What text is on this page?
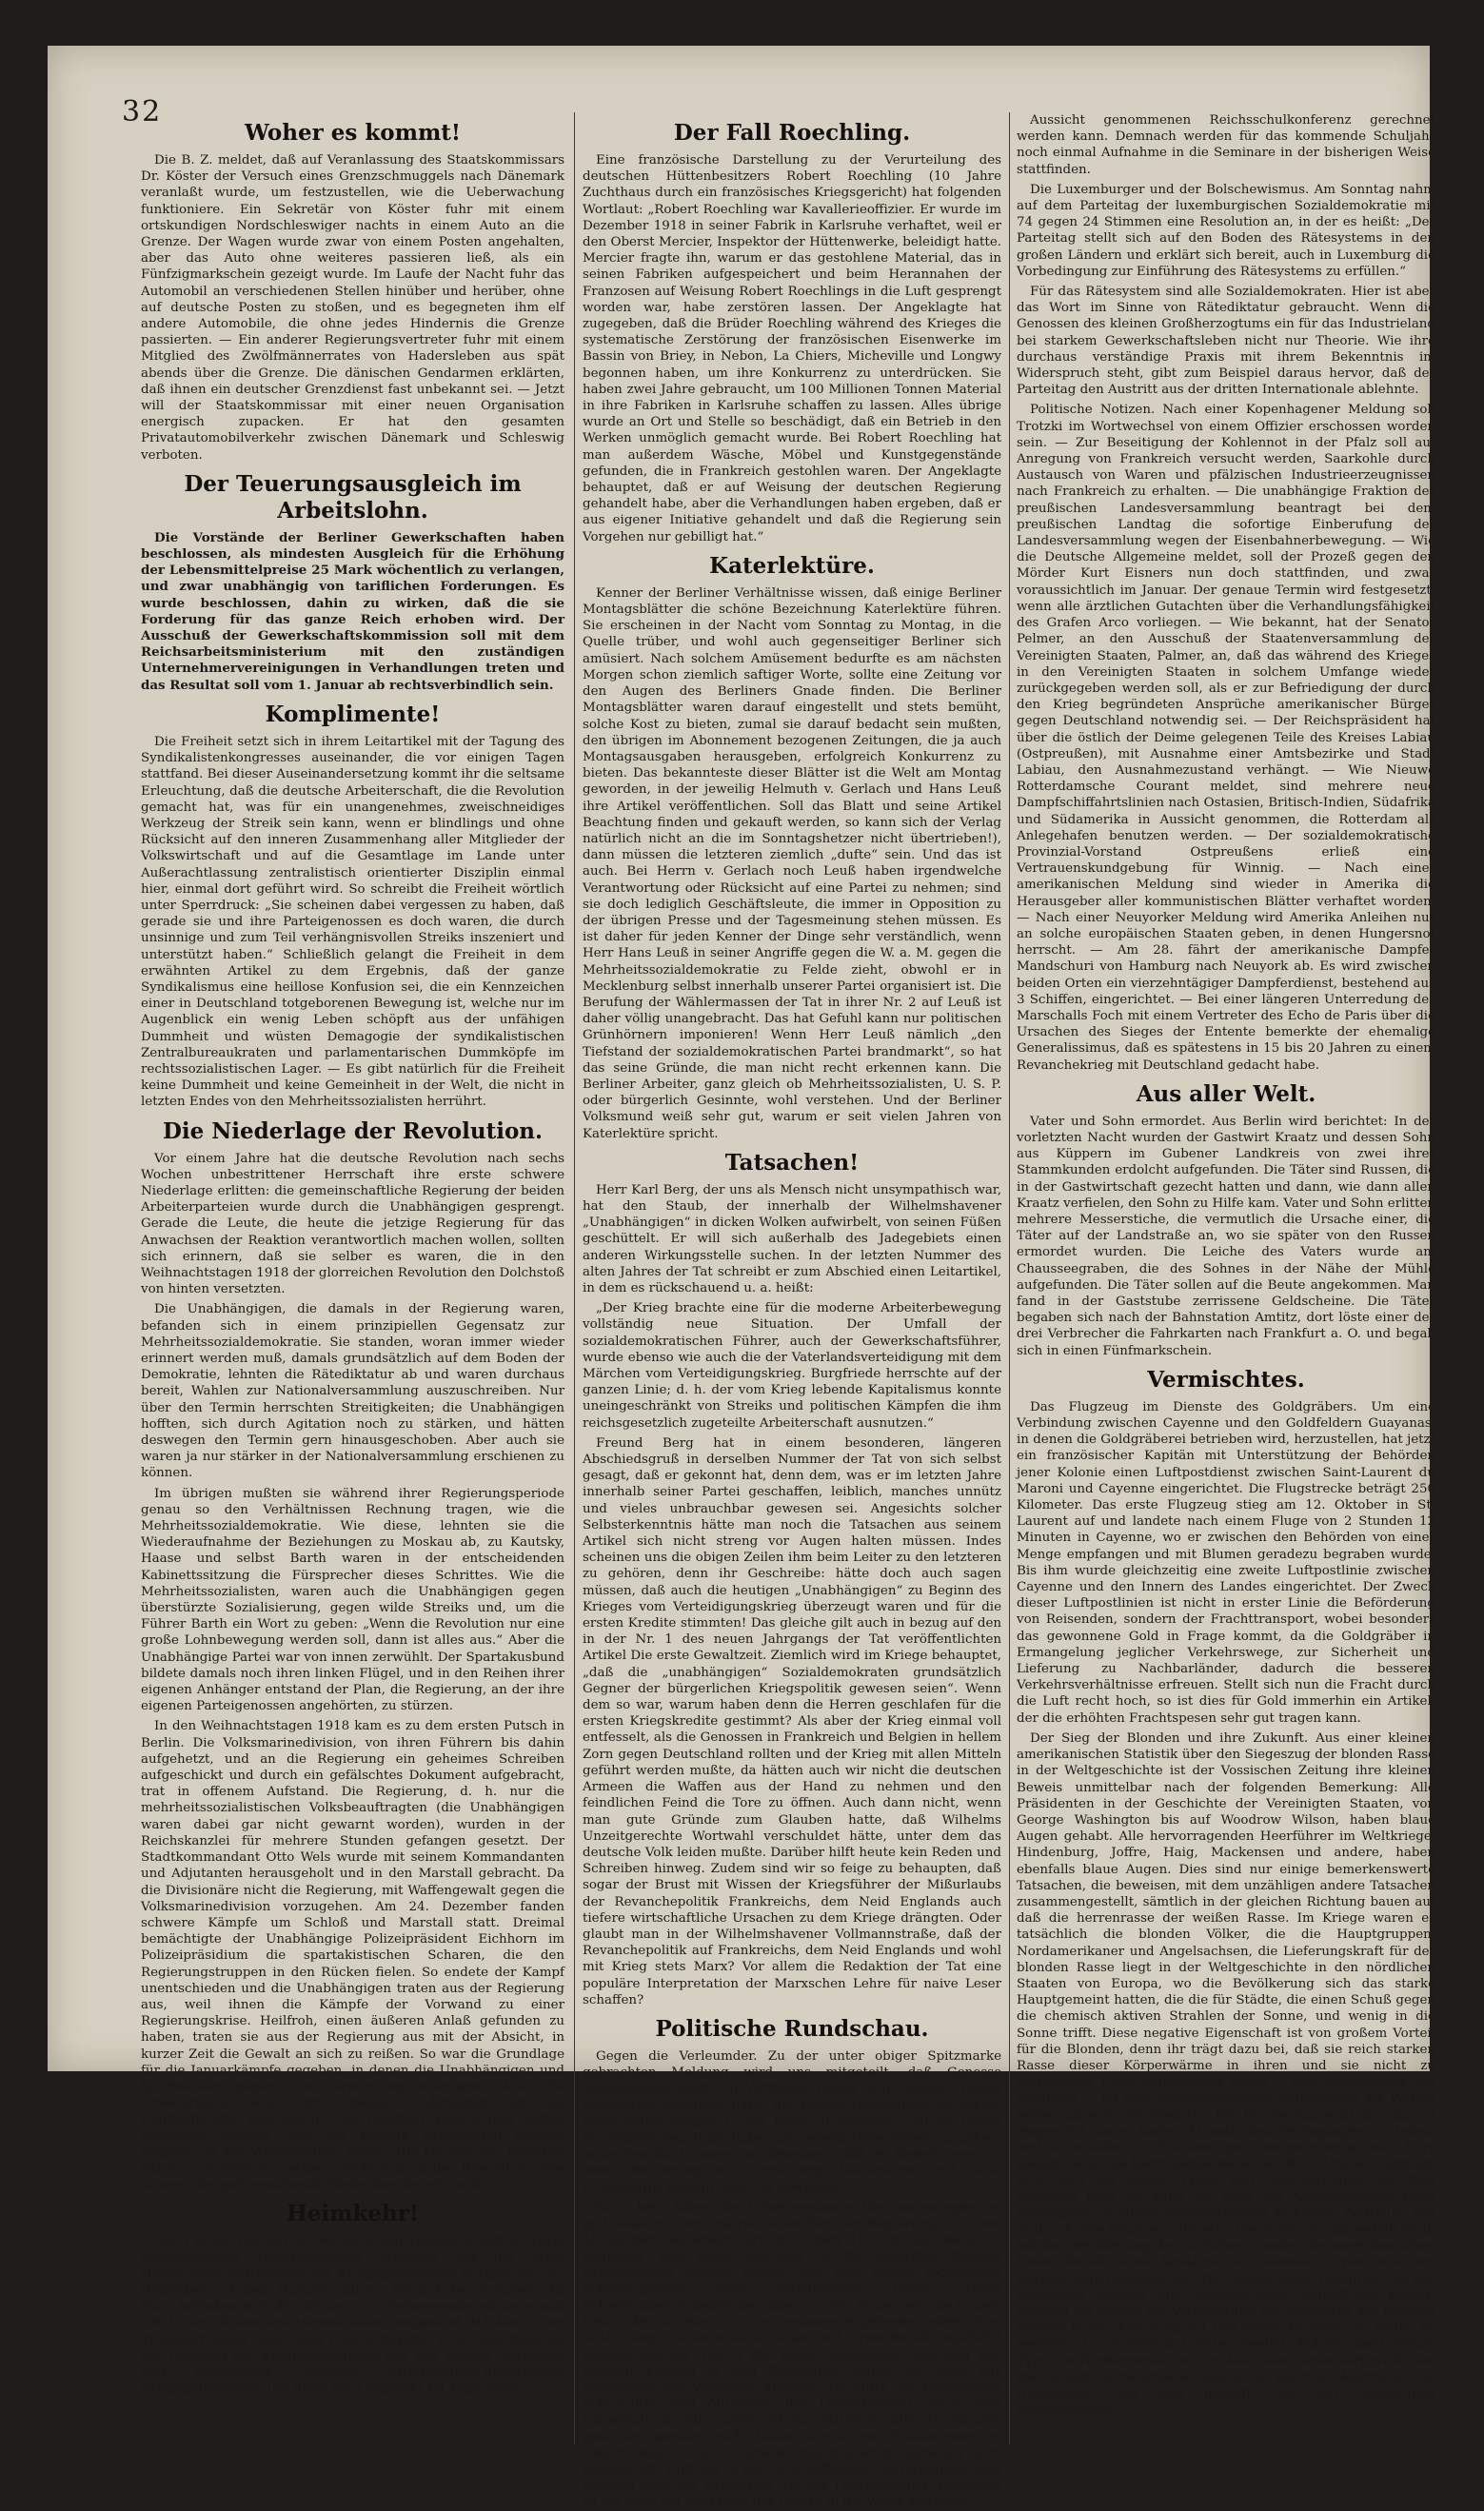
32
Woher es kommt!

Die B. Z. meldet, daß auf Veranlassung des Staatskommissars Dr. Köster der Versuch eines Grenzschmuggels nach Dänemark veranlaßt wurde, um festzustellen, wie die Ueberwachung funktioniere. Ein Sekretär von Köster fuhr mit einem ortskundigen Nordschleswiger nachts in einem Auto an die Grenze. Der Wagen wurde zwar von einem Posten angehalten, aber das Auto ohne weiteres passieren ließ, als ein Fünfzigmarkschein gezeigt wurde. Im Laufe der Nacht fuhr das Automobil an verschiedenen Stellen hinüber und herüber, ohne auf deutsche Posten zu stoßen, und es begegneten ihm elf andere Automobile, die ohne jedes Hindernis die Grenze passierten. — Ein anderer Regierungsvertreter fuhr mit einem Mitglied des Zwölfmännerrates von Hadersleben aus spät abends über die Grenze. Die dänischen Gendarmen erklärten, daß ihnen ein deutscher Grenzdienst fast unbekannt sei. — Jetzt will der Staatskommissar mit einer neuen Organisation energisch zupacken. Er hat den gesamten Privatautomobilverkehr zwischen Dänemark und Schleswig verboten.

Der Teuerungsausgleich im Arbeitslohn.

Die Vorstände der Berliner Gewerkschaften haben beschlossen, als mindesten Ausgleich für die Erhöhung der Lebensmittelpreise 25 Mark wöchentlich zu verlangen, und zwar unabhängig von tariflichen Forderungen. Es wurde beschlossen, dahin zu wirken, daß die sie Forderung für das ganze Reich erhoben wird. Der Ausschuß der Gewerkschaftskommission soll mit dem Reichsarbeitsministerium mit den zuständigen Unternehmervereinigungen in Verhandlungen treten und das Resultat soll vom 1. Januar ab rechtsverbindlich sein.

Komplimente!

Die Freiheit setzt sich in ihrem Leitartikel mit der Tagung des Syndikalistenkongresses auseinander, die vor einigen Tagen stattfand. Bei dieser Auseinandersetzung kommt ihr die seltsame Erleuchtung, daß die deutsche Arbeiterschaft, die die Revolution gemacht hat, was für ein unangenehmes, zweischneidiges Werkzeug der Streik sein kann, wenn er blindlings und ohne Rücksicht auf den inneren Zusammenhang aller Mitglieder der Volkswirtschaft und auf die Gesamtlage im Lande unter Außerachtlassung zentralistisch orientierter Disziplin einmal hier, einmal dort geführt wird. So schreibt die Freiheit wörtlich unter Sperrdruck: „Sie scheinen dabei vergessen zu haben, daß gerade sie und ihre Parteigenossen es doch waren, die durch unsinnige und zum Teil verhängnisvollen Streiks inszeniert und unterstützt haben.“ Schließlich gelangt die Freiheit in dem erwähnten Artikel zu dem Ergebnis, daß der ganze Syndikalismus eine heillose Konfusion sei, die ein Kennzeichen einer in Deutschland totgeborenen Bewegung ist, welche nur im Augenblick ein wenig Leben schöpft aus der unfähigen Dummheit und wüsten Demagogie der syndikalistischen Zentralbureaukraten und parlamentarischen Dummköpfe im rechtssozialistischen Lager. — Es gibt natürlich für die Freiheit keine Dummheit und keine Gemeinheit in der Welt, die nicht in letzten Endes von den Mehrheitssozialisten herrührt.

Die Niederlage der Revolution.

Vor einem Jahre hat die deutsche Revolution nach sechs Wochen unbestrittener Herrschaft ihre erste schwere Niederlage erlitten: die gemeinschaftliche Regierung der beiden Arbeiterparteien wurde durch die Unabhängigen gesprengt. Gerade die Leute, die heute die jetzige Regierung für das Anwachsen der Reaktion verantwortlich machen wollen, sollten sich erinnern, daß sie selber es waren, die in den Weihnachtstagen 1918 der glorreichen Revolution den Dolchstoß von hinten versetzten.

Die Unabhängigen, die damals in der Regierung waren, befanden sich in einem prinzipiellen Gegensatz zur Mehrheitssozialdemokratie. Sie standen, woran immer wieder erinnert werden muß, damals grundsätzlich auf dem Boden der Demokratie, lehnten die Rätediktatur ab und waren durchaus bereit, Wahlen zur Nationalversammlung auszuschreiben. Nur über den Termin herrschten Streitigkeiten; die Unabhängigen hofften, sich durch Agitation noch zu stärken, und hätten deswegen den Termin gern hinausgeschoben. Aber auch sie waren ja nur stärker in der Nationalversammlung erschienen zu können.

Im übrigen mußten sie während ihrer Regierungsperiode genau so den Verhältnissen Rechnung tragen, wie die Mehrheitssozialdemokratie. Wie diese, lehnten sie die Wiederaufnahme der Beziehungen zu Moskau ab, zu Kautsky, Haase und selbst Barth waren in der entscheidenden Kabinettssitzung die Fürsprecher dieses Schrittes. Wie die Mehrheitssozialisten, waren auch die Unabhängigen gegen überstürzte Sozialisierung, gegen wilde Streiks und, um die Führer Barth ein Wort zu geben: „Wenn die Revolution nur eine große Lohnbewegung werden soll, dann ist alles aus.“ Aber die Unabhängige Partei war von innen zerwühlt. Der Spartakusbund bildete damals noch ihren linken Flügel, und in den Reihen ihrer eigenen Anhänger entstand der Plan, die Regierung, an der ihre eigenen Parteigenossen angehörten, zu stürzen.

In den Weihnachtstagen 1918 kam es zu dem ersten Putsch in Berlin. Die Volksmarinedivision, von ihren Führern bis dahin aufgehetzt, und an die Regierung ein geheimes Schreiben aufgeschickt und durch ein gefälschtes Dokument aufgebracht, trat in offenem Aufstand. Die Regierung, d. h. nur die mehrheitssozialistischen Volksbeauftragten (die Unabhängigen waren dabei gar nicht gewarnt worden), wurden in der Reichskanzlei für mehrere Stunden gefangen gesetzt. Der Stadtkommandant Otto Wels wurde mit seinem Kommandanten und Adjutanten herausgeholt und in den Marstall gebracht. Da die Divisionäre nicht die Regierung, mit Waffengewalt gegen die Volksmarinedivision vorzugehen. Am 24. Dezember fanden schwere Kämpfe um Schloß und Marstall statt. Dreimal bemächtigte der Unabhängige Polizeipräsident Eichhorn im Polizeipräsidium die spartakistischen Scharen, die den Regierungstruppen in den Rücken fielen. So endete der Kampf unentschieden und die Unabhängigen traten aus der Regierung aus, weil ihnen die Kämpfe der Vorwand zu einer Regierungskrise. Heilfroh, einen äußeren Anlaß gefunden zu haben, traten sie aus der Regierung aus mit der Absicht, in kurzer Zeit die Gewalt an sich zu reißen. So war die Grundlage für die Januarkämpfe gegeben, in denen die Unabhängigen und Spartakisten gegen ihre Berechnung unterlagen. Aber die Arbeiterklasse war durch diesen Bruderkampf auf das Empfindlichste geschwächt, die Reaktion konnte ihre ersten Atemzüge machen, und die Kämpfe gefährdeten schwer, langsam an den Wiederaufbau gehen. Die Männer des Putsches haben sich nicht nur selber, sondern auch der Revolution eine schwer, der gutgemachende Niederlage beigebracht.

Heimkehr!

Nach einer von der schweizerischen Gesandtschaft in Tokio eingegangenen telegraphischen Meldung hat die erste Heimschaffungstransport der Kriegsgefangenen in Japan am 28. Dezember auf dem Dampfer Kifuku Maru Kobe verlassen. An Bord befinden sich 48 Offiziere, 73 Portepeeunteroffiziere und 836 Unteroffiziere und Mannschaften, insgesamt 941 Mann. Der Transport, steht unter dem Führer Kapitän z. S. Vollerthun als mit Rehrzahl der Kriegsgefangenen aus den Lagern Narashino und Nonogahara, darunter österreichisch-ungarischen Kriegsgefangenen. Die Reise wird ungefähr 60 Tage dauern.

Der Fall Roechling.

Eine französische Darstellung zu der Verurteilung des deutschen Hüttenbesitzers Robert Roechling (10 Jahre Zuchthaus durch ein französisches Kriegsgericht) hat folgenden Wortlaut: „Robert Roechling war Kavallerieoffizier. Er wurde im Dezember 1918 in seiner Fabrik in Karlsruhe verhaftet, weil er den Oberst Mercier, Inspektor der Hüttenwerke, beleidigt hatte. Mercier fragte ihn, warum er das gestohlene Material, das in seinen Fabriken aufgespeichert und beim Herannahen der Franzosen auf Weisung Robert Roechlings in die Luft gesprengt worden war, habe zerstören lassen. Der Angeklagte hat zugegeben, daß die Brüder Roechling während des Krieges die systematische Zerstörung der französischen Eisenwerke im Bassin von Briey, in Nebon, La Chiers, Micheville und Longwy begonnen haben, um ihre Konkurrenz zu unterdrücken. Sie haben zwei Jahre gebraucht, um 100 Millionen Tonnen Material in ihre Fabriken in Karlsruhe schaffen zu lassen. Alles übrige wurde an Ort und Stelle so beschädigt, daß ein Betrieb in den Werken unmöglich gemacht wurde. Bei Robert Roechling hat man außerdem Wäsche, Möbel und Kunstgegenstände gefunden, die in Frankreich gestohlen waren. Der Angeklagte behauptet, daß er auf Weisung der deutschen Regierung gehandelt habe, aber die Verhandlungen haben ergeben, daß er aus eigener Initiative gehandelt und daß die Regierung sein Vorgehen nur gebilligt hat.“

Katerlektüre.

Kenner der Berliner Verhältnisse wissen, daß einige Berliner Montagsblätter die schöne Bezeichnung Katerlektüre führen. Sie erscheinen in der Nacht vom Sonntag zu Montag, in die Quelle trüber, und wohl auch gegenseitiger Berliner sich amüsiert. Nach solchem Amüsement bedurfte es am nächsten Morgen schon ziemlich saftiger Worte, sollte eine Zeitung vor den Augen des Berliners Gnade finden. Die Berliner Montagsblätter waren darauf eingestellt und stets bemüht, solche Kost zu bieten, zumal sie darauf bedacht sein mußten, den übrigen im Abonnement bezogenen Zeitungen, die ja auch Montagsausgaben herausgeben, erfolgreich Konkurrenz zu bieten. Das bekannteste dieser Blätter ist die Welt am Montag geworden, in der jeweilig Helmuth v. Gerlach und Hans Leuß ihre Artikel veröffentlichen. Soll das Blatt und seine Artikel Beachtung finden und gekauft werden, so kann sich der Verlag natürlich nicht an die im Sonntagshetzer nicht übertrieben!), dann müssen die letzteren ziemlich „dufte“ sein. Und das ist auch. Bei Herrn v. Gerlach noch Leuß haben irgendwelche Verantwortung oder Rücksicht auf eine Partei zu nehmen; sind sie doch lediglich Geschäftsleute, die immer in Opposition zu der übrigen Presse und der Tagesmeinung stehen müssen. Es ist daher für jeden Kenner der Dinge sehr verständlich, wenn Herr Hans Leuß in seiner Angriffe gegen die W. a. M. gegen die Mehrheitssozialdemokratie zu Felde zieht, obwohl er in Mecklenburg selbst innerhalb unserer Partei organisiert ist. Die Berufung der Wählermassen der Tat in ihrer Nr. 2 auf Leuß ist daher völlig unangebracht. Das hat Gefuhl kann nur politischen Grünhörnern imponieren! Wenn Herr Leuß nämlich „den Tiefstand der sozialdemokratischen Partei brandmarkt“, so hat das seine Gründe, die man nicht recht erkennen kann. Die Berliner Arbeiter, ganz gleich ob Mehrheitssozialisten, U. S. P. oder bürgerlich Gesinnte, wohl verstehen. Und der Berliner Volksmund weiß sehr gut, warum er seit vielen Jahren von Katerlektüre spricht.

Tatsachen!

Herr Karl Berg, der uns als Mensch nicht unsympathisch war, hat den Staub, der innerhalb der Wilhelmshavener „Unabhängigen“ in dicken Wolken aufwirbelt, von seinen Füßen geschüttelt. Er will sich außerhalb des Jadegebiets einen anderen Wirkungsstelle suchen. In der letzten Nummer des alten Jahres der Tat schreibt er zum Abschied einen Leitartikel, in dem es rückschauend u. a. heißt:

„Der Krieg brachte eine für die moderne Arbeiterbewegung vollständig neue Situation. Der Umfall der sozialdemokratischen Führer, auch der Gewerkschaftsführer, wurde ebenso wie auch die der Vaterlandsverteidigung mit dem Märchen vom Verteidigungskrieg. Burgfriede herrschte auf der ganzen Linie; d. h. der vom Krieg lebende Kapitalismus konnte uneingeschränkt von Streiks und politischen Kämpfen die ihm reichsgesetzlich zugeteilte Arbeiterschaft ausnutzen.“

Freund Berg hat in einem besonderen, längeren Abschiedsgruß in derselben Nummer der Tat von sich selbst gesagt, daß er gekonnt hat, denn dem, was er im letzten Jahre innerhalb seiner Partei geschaffen, leiblich, manches unnütz und vieles unbrauchbar gewesen sei. Angesichts solcher Selbsterkenntnis hätte man noch die Tatsachen aus seinem Artikel sich nicht streng vor Augen halten müssen. Indes scheinen uns die obigen Zeilen ihm beim Leiter zu den letzteren zu gehören, denn ihr Geschreibe: hätte doch auch sagen müssen, daß auch die heutigen „Unabhängigen“ zu Beginn des Krieges vom Verteidigungskrieg überzeugt waren und für die ersten Kredite stimmten! Das gleiche gilt auch in bezug auf den in der Nr. 1 des neuen Jahrgangs der Tat veröffentlichten Artikel Die erste Gewaltzeit. Ziemlich wird im Kriege behauptet, „daß die „unabhängigen“ Sozialdemokraten grundsätzlich Gegner der bürgerlichen Kriegspolitik gewesen seien“. Wenn dem so war, warum haben denn die Herren geschlafen für die ersten Kriegskredite gestimmt? Als aber der Krieg einmal voll entfesselt, als die Genossen in Frankreich und Belgien in hellem Zorn gegen Deutschland rollten und der Krieg mit allen Mitteln geführt werden mußte, da hätten auch wir nicht die deutschen Armeen die Waffen aus der Hand zu nehmen und den feindlichen Feind die Tore zu öffnen. Auch dann nicht, wenn man gute Gründe zum Glauben hatte, daß Wilhelms Unzeitgerechte Wortwahl verschuldet hätte, unter dem das deutsche Volk leiden mußte. Darüber hilft heute kein Reden und Schreiben hinweg. Zudem sind wir so feige zu behaupten, daß sogar der Brust mit Wissen der Kriegsführer der Mißurlaubs der Revanchepolitik Frankreichs, dem Neid Englands auch tiefere wirtschaftliche Ursachen zu dem Kriege drängten. Oder glaubt man in der Wilhelmshavener Vollmannstraße, daß der Revanchepolitik auf Frankreichs, dem Neid Englands und wohl mit Krieg stets Marx? Vor allem die Redaktion der Tat eine populäre Interpretation der Marxschen Lehre für naive Leser schaffen?

Politische Rundschau.

Gegen die Verleumder. Zu der unter obiger Spitzmarke gebrachten Meldung wird uns mitgeteilt, daß Genosse Scheidemann nicht ein Verfahren gegen sich, sondern gegen Sonnenfeld beantragt habe, um seinem Gelegenheit zu geben, seine Behauptungen in der Form zu beweisen und bis gegen Sonnenfeld beantragt habe, um seinem Gelegenheit zu geben, seine Beschuldigungen zu beweisen, daß er Beziehungen zu einer Belohnung zur Ermordung Liebknechts und Rosa Luxemburgs gezahlt habe, zu beweisen.

Noch kein Abbau der Lehrerseminare. Die Landesregierung gibt bekannt: Der ursprüngliche Plan der Regierung, mit dem Abbau der Lehrerseminare zu Ostern 1920 in der Weise zu beginnen, daß keine Zöglinge in die untersten Klassen aufgenommen werden sollten, läßt sich infolge technischer Schwierigkeiten nicht verwirklichen lassen. Diese Schwierigkeiten liegen besonders in der Frage, wie die jungen Leute, die zu Ostern in die Seminare eingetreten wären, ihre Ausbildung, die sie erhalten sollen, auf ihrem Berufe zugeführt werden können. Durch die bisher bekannten Sperrung der unteren Klassen in den Seminaren würde sie auch nur Ausbildung und Verdienst, erhalten. Da Mitte des kommenden Schuljahres und Aufnahme der Lehrerbildung durch eine Umgestaltung auf andere Schulanstalten in allen Umständen gesichert werden muß. Diese Anzahl von Schülerinnen zu Ostern, dennoch nicht Vorbereitung, in allen Einzelheiten nicht möglich ist, wird bis in der zu schaffenden Lehrerbildung eine Klärung über die zukünftige Art der Lehrerbildung, Reformen so die dann auf bald nach der Ostern in die Weise eintreten.

Aussicht genommenen Reichsschulkonferenz gerechnet werden kann. Demnach werden für das kommende Schuljahr noch einmal Aufnahme in die Seminare in der bisherigen Weise stattfinden.

Die Luxemburger und der Bolschewismus. Am Sonntag nahm auf dem Parteitag der luxemburgischen Sozialdemokratie mit 74 gegen 24 Stimmen eine Resolution an, in der es heißt: „Der Parteitag stellt sich auf den Boden des Rätesystems in den großen Ländern und erklärt sich bereit, auch in Luxemburg die Vorbedingung zur Einführung des Rätesystems zu erfüllen.“

Für das Rätesystem sind alle Sozialdemokraten. Hier ist aber das Wort im Sinne von Rätediktatur gebraucht. Wenn die Genossen des kleinen Großherzogtums ein für das Industrieland bei starkem Gewerkschaftsleben nicht nur Theorie. Wie ihre durchaus verständige Praxis mit ihrem Bekenntnis im Widerspruch steht, gibt zum Beispiel daraus hervor, daß der Parteitag den Austritt aus der dritten Internationale ablehnte.

Politische Notizen. Nach einer Kopenhagener Meldung soll Trotzki im Wortwechsel von einem Offizier erschossen worden sein. — Zur Beseitigung der Kohlennot in der Pfalz soll auf Anregung von Frankreich versucht werden, Saarkohle durch Austausch von Waren und pfälzischen Industrieerzeugnissen nach Frankreich zu erhalten. — Die unabhängige Fraktion der preußischen Landesversammlung beantragt bei dem preußischen Landtag die sofortige Einberufung der Landesversammlung wegen der Eisenbahnerbewegung. — Wie die Deutsche Allgemeine meldet, soll der Prozeß gegen den Mörder Kurt Eisners nun doch stattfinden, und zwar voraussichtlich im Januar. Der genaue Termin wird festgesetzt, wenn alle ärztlichen Gutachten über die Verhandlungsfähigkeit des Grafen Arco vorliegen. — Wie bekannt, hat der Senator Pelmer, an den Ausschuß der Staatenversammlung der Vereinigten Staaten, Palmer, an, daß das während des Krieges in den Vereinigten Staaten in solchem Umfange wieder zurückgegeben werden soll, als er zur Befriedigung der durch den Krieg begründeten Ansprüche amerikanischer Bürger gegen Deutschland notwendig sei. — Der Reichspräsident hat über die östlich der Deime gelegenen Teile des Kreises Labiau (Ostpreußen), mit Ausnahme einer Amtsbezirke und Stadt Labiau, den Ausnahmezustand verhängt. — Wie Nieuwe Rotterdamsche Courant meldet, sind mehrere neue Dampfschiffahrtslinien nach Ostasien, Britisch-Indien, Südafrika und Südamerika in Aussicht genommen, die Rotterdam als Anlegehafen benutzen werden. — Der sozialdemokratische Provinzial-Vorstand Ostpreußens erließ eine Vertrauenskundgebung für Winnig. — Nach einer amerikanischen Meldung sind wieder in Amerika die Herausgeber aller kommunistischen Blätter verhaftet worden. — Nach einer Neuyorker Meldung wird Amerika Anleihen nur an solche europäischen Staaten geben, in denen Hungersnot herrscht. — Am 28. fährt der amerikanische Dampfer Mandschuri von Hamburg nach Neuyork ab. Es wird zwischen beiden Orten ein vierzehntägiger Dampferdienst, bestehend aus 3 Schiffen, eingerichtet. — Bei einer längeren Unterredung des Marschalls Foch mit einem Vertreter des Echo de Paris über die Ursachen des Sieges der Entente bemerkte der ehemalige Generalissimus, daß es spätestens in 15 bis 20 Jahren zu einem Revanchekrieg mit Deutschland gedacht habe.

Aus aller Welt.

Vater und Sohn ermordet. Aus Berlin wird berichtet: In der vorletzten Nacht wurden der Gastwirt Kraatz und dessen Sohn aus Küppern im Gubener Landkreis von zwei ihrer Stammkunden erdolcht aufgefunden. Die Täter sind Russen, die in der Gastwirtschaft gezecht hatten und dann, wie dann allen Kraatz verfielen, den Sohn zu Hilfe kam. Vater und Sohn erlitten mehrere Messerstiche, die vermutlich die Ursache einer, die Täter auf der Landstraße an, wo sie später von den Russen ermordet wurden. Die Leiche des Vaters wurde am Chausseegraben, die des Sohnes in der Nähe der Mühle aufgefunden. Die Täter sollen auf die Beute angekommen. Man fand in der Gaststube zerrissene Geldscheine. Die Täter begaben sich nach der Bahnstation Amtitz, dort löste einer der drei Verbrecher die Fahrkarten nach Frankfurt a. O. und begab sich in einen Fünfmarkschein.

Vermischtes.

Das Flugzeug im Dienste des Goldgräbers. Um eine Verbindung zwischen Cayenne und den Goldfeldern Guayanas, in denen die Goldgräberei betrieben wird, herzustellen, hat jetzt ein französischer Kapitän mit Unterstützung der Behörden jener Kolonie einen Luftpostdienst zwischen Saint-Laurent du Maroni und Cayenne eingerichtet. Die Flugstrecke beträgt 250 Kilometer. Das erste Flugzeug stieg am 12. Oktober in St. Laurent auf und landete nach einem Fluge von 2 Stunden 12 Minuten in Cayenne, wo er zwischen den Behörden von einer Menge empfangen und mit Blumen geradezu begraben wurde. Bis ihm wurde gleichzeitig eine zweite Luftpostlinie zwischen Cayenne und den Innern des Landes eingerichtet. Der Zweck dieser Luftpostlinien ist nicht in erster Linie die Beförderung von Reisenden, sondern der Frachttransport, wobei besonders das gewonnene Gold in Frage kommt, da die Goldgräber in Ermangelung jeglicher Verkehrswege, zur Sicherheit und Lieferung zu Nachbarländer, dadurch die besseren Verkehrsverhältnisse erfreuen. Stellt sich nun die Fracht durch die Luft recht hoch, so ist dies für Gold immerhin ein Artikel, der die erhöhten Frachtspesen sehr gut tragen kann.

Der Sieg der Blonden und ihre Zukunft. Aus einer kleinen amerikanischen Statistik über den Siegeszug der blonden Rasse in der Weltgeschichte ist der Vossischen Zeitung ihre kleinen Beweis unmittelbar nach der folgenden Bemerkung: Alle Präsidenten in der Geschichte der Vereinigten Staaten, von George Washington bis auf Woodrow Wilson, haben blaue Augen gehabt. Alle hervorragenden Heerführer im Weltkriege, Hindenburg, Joffre, Haig, Mackensen und andere, haben ebenfalls blaue Augen. Dies sind nur einige bemerkenswerte Tatsachen, die beweisen, mit dem unzähligen andere Tatsachen zusammengestellt, sämtlich in der gleichen Richtung bauen auf daß die herrenrasse der weißen Rasse. Im Kriege waren es tatsächlich die blonden Völker, die die Hauptgruppen, Nordamerikaner und Angelsachsen, die Lieferungskraft für der blonden Rasse liegt in der Weltgeschichte in den nördlichen Staaten von Europa, wo die Bevölkerung sich das starke Hauptgemeint hatten, die die für Städte, die einen Schuß gegen die chemisch aktiven Strahlen der Sonne, und wenig in die Sonne trifft. Diese negative Eigenschaft ist von großem Vorteil für die Blonden, denn ihr trägt dazu bei, daß sie reich starken Rasse dieser Körperwärme in ihren und sie nicht zu verbrennen. Diese Sonnenbrille wehrt — man entschuldige den Vergleich — ist eine blankgescheuerte Kaffeekanne die Wärme besser als eine geschwärzte. Die blonde Rasse ist also darauf eingestellt, unter harten klimatischen Bedingungen zu leben, und sie ist dabei auf ihre sonstigen Energie zu entwickeln. Kurz gesagt, es ist die herrschende Rasse der Welt. Und wie langsam sich auch die blonde Typus den Anforderungen der Welt anpassen mag, so kann sie doch die Akklimatisation nicht verleugnen. In einem verhältnismäßig so kurzen Zeitraum, wie er durch eine Folge von dreizehn Generationen dargestellt wird, hat die Bevölkerung der südlichen Staaten der amerikanischen Union bereits eine Abnahme des blonden Typus erfahren. Bevölkerungszunahme war. Die dunkle Rasse gefährdet die der nördlichen Staaten, und überdies einen Einfluß des Klimas, sondern die gerade die Veränderung der Hautfarbe des blonden Wesens in der Kreuzung mit den vielen Farbigen im Süden zu begehen. Es ist nicht gut fester Zweifel, daß der ganz blonde Typus in Nordamerika, und in Australien absorbiert wird. Das gleiche gilt für die anderen englischen Kolonien, Australien und Neuseeland, hat sich gezeigt, wie der Volksschlag herausgebildet.
